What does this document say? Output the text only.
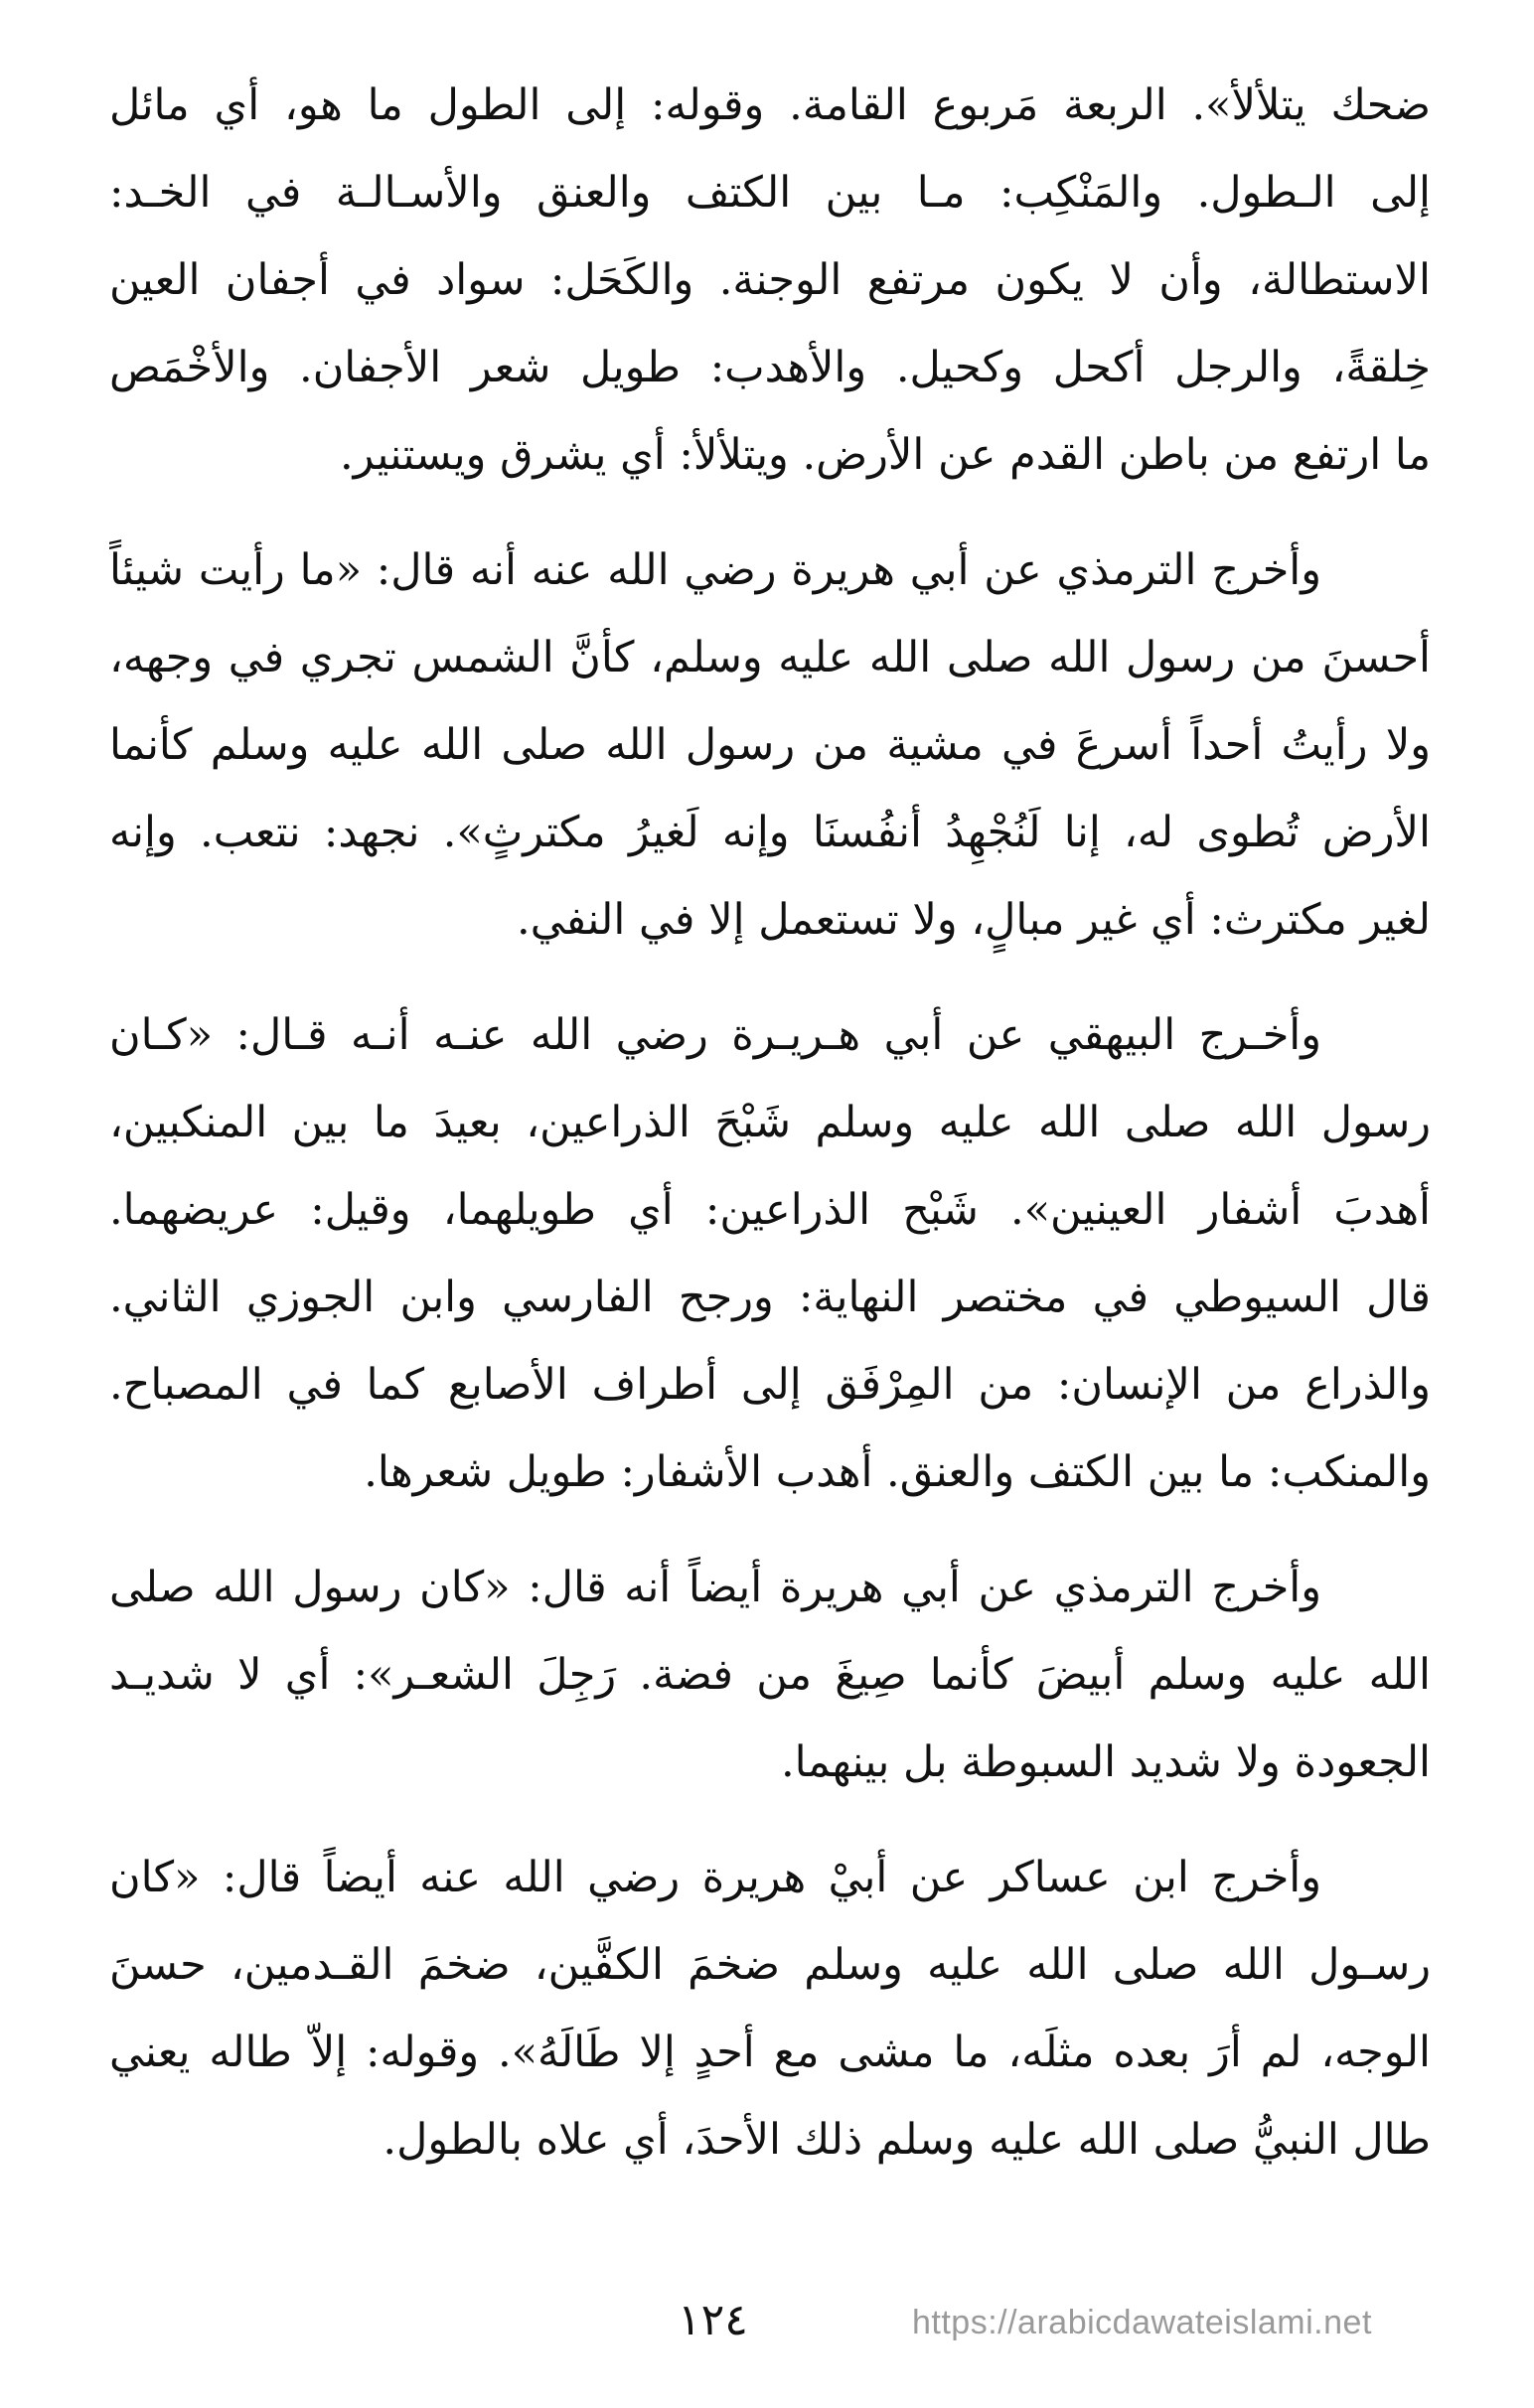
ضحك يتلألأ». الربعة مَربوع القامة. وقوله: إلى الطول ما هو، أي مائل
إلى الـطول. والمَنْكِب: مـا بين الكتف والعنق والأسـالـة في الخـد:
الاستطالة، وأن لا يكون مرتفع الوجنة. والكَحَل: سواد في أجفان العين
خِلقةً، والرجل أكحل وكحيل. والأهدب: طويل شعر الأجفان. والأخْمَص
ما ارتفع من باطن القدم عن الأرض. ويتلألأ: أي يشرق ويستنير.
وأخرج الترمذي عن أبي هريرة رضي الله عنه أنه قال: «ما رأيت شيئاً
أحسنَ من رسول الله صلى الله عليه وسلم، كأنَّ الشمس تجري في وجهه،
ولا رأيتُ أحداً أسرعَ في مشية من رسول الله صلى الله عليه وسلم كأنما
الأرض تُطوى له، إنا لَنُجْهِدُ أنفُسنَا وإنه لَغيرُ مكترثٍ». نجهد: نتعب. وإنه
لغير مكترث: أي غير مبالٍ، ولا تستعمل إلا في النفي.
وأخـرج البيهقي عن أبي هـريـرة رضي الله عنـه أنـه قـال: «كـان
رسول الله صلى الله عليه وسلم شَبْحَ الذراعين، بعيدَ ما بين المنكبين،
أهدبَ أشفار العينين». شَبْح الذراعين: أي طويلهما، وقيل: عريضهما.
قال السيوطي في مختصر النهاية: ورجح الفارسي وابن الجوزي الثاني.
والذراع من الإنسان: من المِرْفَق إلى أطراف الأصابع كما في المصباح.
والمنكب: ما بين الكتف والعنق. أهدب الأشفار: طويل شعرها.
وأخرج الترمذي عن أبي هريرة أيضاً أنه قال: «كان رسول الله صلى
الله عليه وسلم أبيضَ كأنما صِيغَ من فضة. رَجِلَ الشعـر»: أي لا شديـد
الجعودة ولا شديد السبوطة بل بينهما.
وأخرج ابن عساكر عن أبيْ هريرة رضي الله عنه أيضاً قال: «كان
رسـول الله صلى الله عليه وسلم ضخمَ الكفَّين، ضخمَ القـدمين، حسنَ
الوجه، لم أرَ بعده مثلَه، ما مشى مع أحدٍ إلا طَالَهُ». وقوله: إلاّ طاله يعني
طال النبيُّ صلى الله عليه وسلم ذلك الأحدَ، أي علاه بالطول.
١٢٤	https://arabicdawateislami.net
